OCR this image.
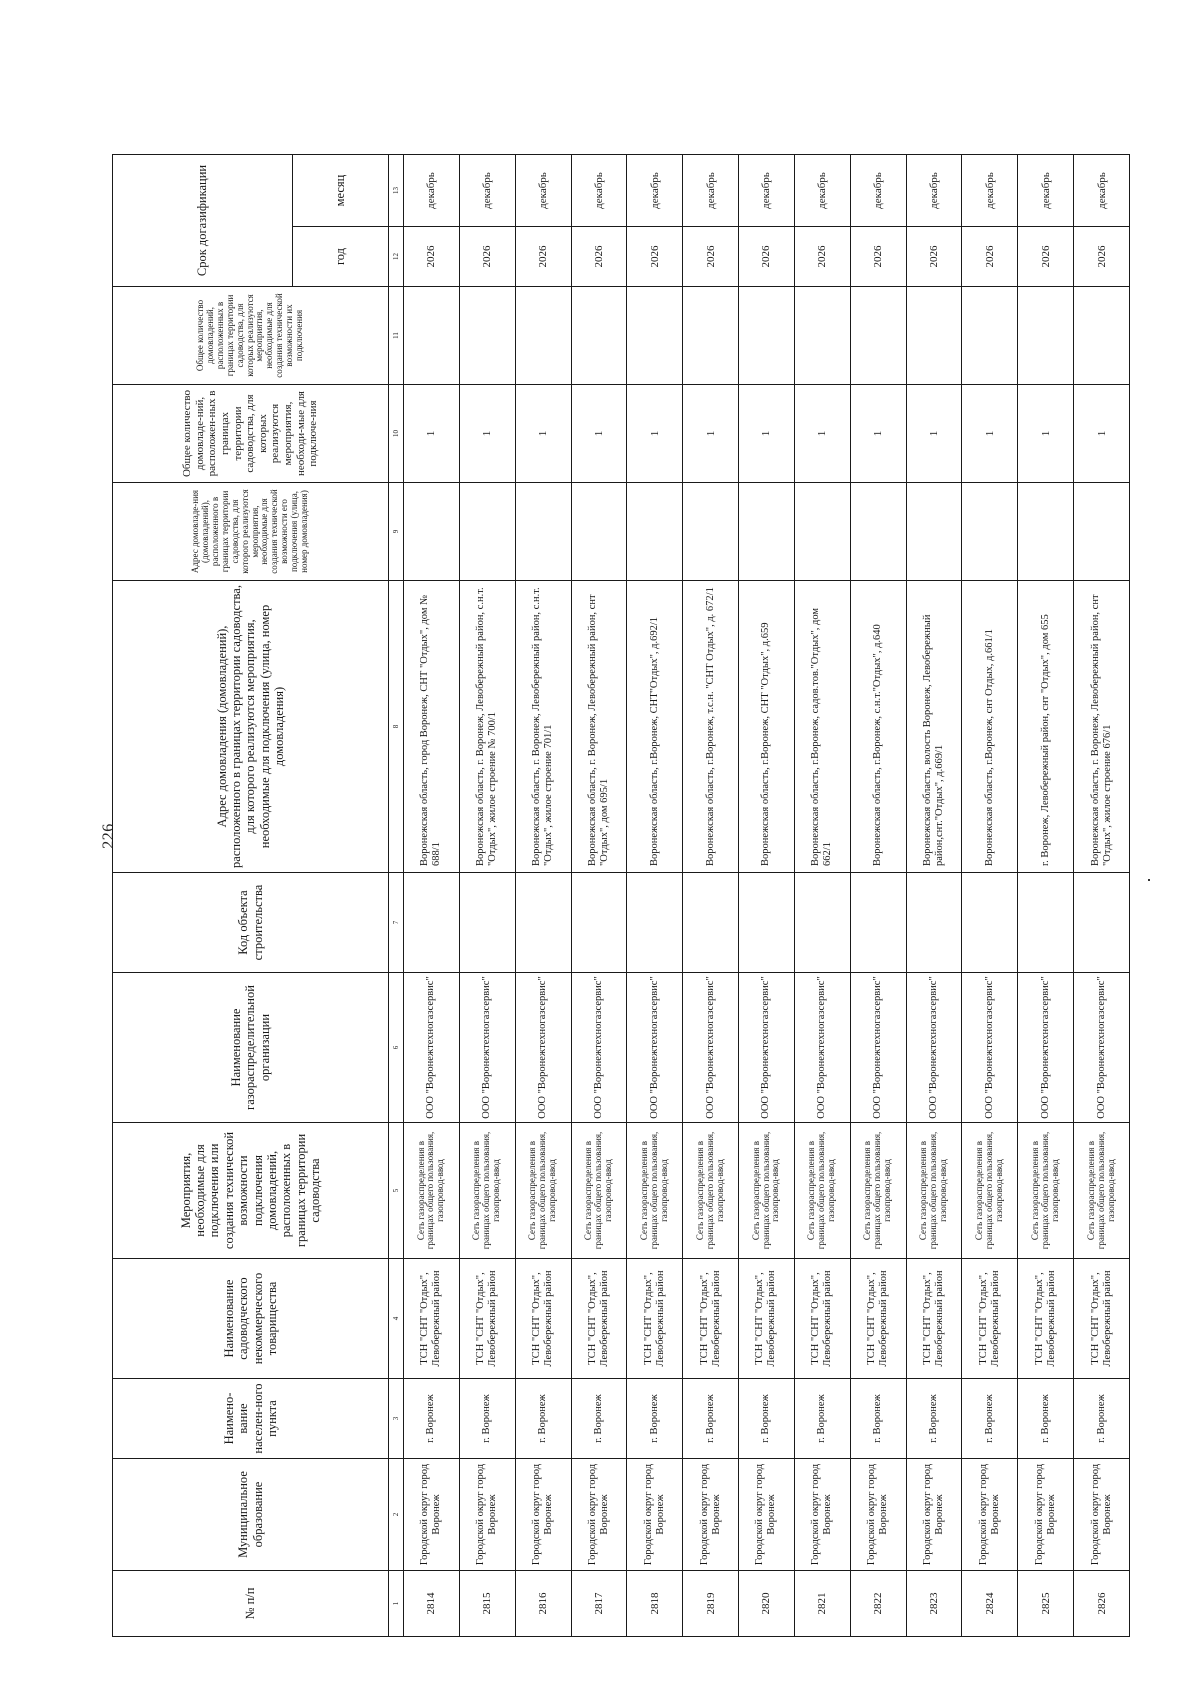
226
№ п/п	Муниципальное образование	Наимено-вание населен-ного пункта	Наименование садоводческого некоммерческого товарищества	Мероприятия, необходимые для подключения или создания технической возможности подключения домовладений, расположенных в границах территории садоводства	Наименование газораспределительной организации	Код объекта строительства	Адрес домовладения (домовладений), расположенного в границах территории садоводства, для которого реализуются мероприятия, необходимые для подключения (улица, номер домовладения)	Адрес домовладе-ния (домовладений), расположенного в границах территории садоводства, для которого реализуются мероприятия, необходимые для создания технической возможности его подключения (улица, номер домовладения)	Общее количество домовладе-ний, расположен-ных в границах территории садоводства, для которых реализуются мероприятия, необходи-мые для подключе-ния	Общее количество домовладений, расположенных в границах территории садоводства, для которых реализуются мероприятия, необходимые для создания технической возможности их подключения	Срок догазификации	
											год	месяц
1	2	3	4	5	6	7	8	9	10	11	12	13
2814	Городской округ город Воронеж	г. Воронеж	ТСН "СНТ "Отдых", Левобережный район	Сеть газораспределения в границах общего пользования, газопровод-ввод	ООО "Воронежтехногазсервис"		Воронежская область, город Воронеж, СНТ "Отдых", дом № 688/1		1		2026	декабрь
2815	Городской округ город Воронеж	г. Воронеж	ТСН "СНТ "Отдых", Левобережный район	Сеть газораспределения в границах общего пользования, газопровод-ввод	ООО "Воронежтехногазсервис"		Воронежская область, г. Воронеж, Левобережный район, с.н.т. "Отдых", жилое строение № 700/1		1		2026	декабрь
2816	Городской округ город Воронеж	г. Воронеж	ТСН "СНТ "Отдых", Левобережный район	Сеть газораспределения в границах общего пользования, газопровод-ввод	ООО "Воронежтехногазсервис"		Воронежская область, г. Воронеж, Левобережный район, с.н.т. "Отдых", жилое строение 701/1		1		2026	декабрь
2817	Городской округ город Воронеж	г. Воронеж	ТСН "СНТ "Отдых", Левобережный район	Сеть газораспределения в границах общего пользования, газопровод-ввод	ООО "Воронежтехногазсервис"		Воронежская область, г. Воронеж, Левобережный район, снт "Отдых", дом 695/1		1		2026	декабрь
2818	Городской округ город Воронеж	г. Воронеж	ТСН "СНТ "Отдых", Левобережный район	Сеть газораспределения в границах общего пользования, газопровод-ввод	ООО "Воронежтехногазсервис"		Воронежская область, г.Воронеж, СНТ"Отдых", д.692/1		1		2026	декабрь
2819	Городской округ город Воронеж	г. Воронеж	ТСН "СНТ "Отдых", Левобережный район	Сеть газораспределения в границах общего пользования, газопровод-ввод	ООО "Воронежтехногазсервис"		Воронежская область, г.Воронеж, т.с.н. "СНТ Отдых", д. 672/1		1		2026	декабрь
2820	Городской округ город Воронеж	г. Воронеж	ТСН "СНТ "Отдых", Левобережный район	Сеть газораспределения в границах общего пользования, газопровод-ввод	ООО "Воронежтехногазсервис"		Воронежская область, г.Воронеж, СНТ "Отдых", д.659		1		2026	декабрь
2821	Городской округ город Воронеж	г. Воронеж	ТСН "СНТ "Отдых", Левобережный район	Сеть газораспределения в границах общего пользования, газопровод-ввод	ООО "Воронежтехногазсервис"		Воронежская область, г.Воронеж, садов.тов."Отдых", дом 662/1		1		2026	декабрь
2822	Городской округ город Воронеж	г. Воронеж	ТСН "СНТ "Отдых", Левобережный район	Сеть газораспределения в границах общего пользования, газопровод-ввод	ООО "Воронежтехногазсервис"		Воронежская область, г.Воронеж, с.н.т."Отдых", д.640		1		2026	декабрь
2823	Городской округ город Воронеж	г. Воронеж	ТСН "СНТ "Отдых", Левобережный район	Сеть газораспределения в границах общего пользования, газопровод-ввод	ООО "Воронежтехногазсервис"		Воронежская область, волость Воронеж, Левобережный район,снт."Отдых", д.669/1		1		2026	декабрь
2824	Городской округ город Воронеж	г. Воронеж	ТСН "СНТ "Отдых", Левобережный район	Сеть газораспределения в границах общего пользования, газопровод-ввод	ООО "Воронежтехногазсервис"		Воронежская область, г.Воронеж, снт Отдых, д.661/1		1		2026	декабрь
2825	Городской округ город Воронеж	г. Воронеж	ТСН "СНТ "Отдых", Левобережный район	Сеть газораспределения в границах общего пользования, газопровод-ввод	ООО "Воронежтехногазсервис"		г. Воронеж, Левобережный район, снт "Отдых", дом 655		1		2026	декабрь
2826	Городской округ город Воронеж	г. Воронеж	ТСН "СНТ "Отдых", Левобережный район	Сеть газораспределения в границах общего пользования, газопровод-ввод	ООО "Воронежтехногазсервис"		Воронежская область, г. Воронеж, Левобережный район, снт "Отдых", жилое строение 676/1		1		2026	декабрь
